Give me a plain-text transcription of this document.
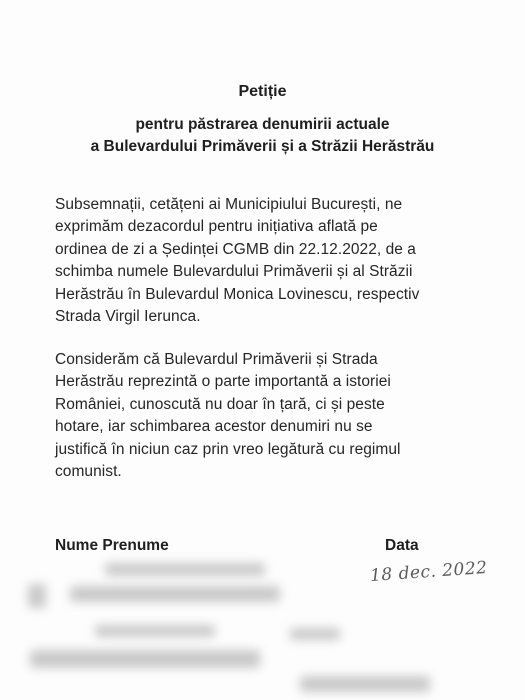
Petiție
pentru păstrarea denumirii actuale
a Bulevardului Primăverii și a Străzii Herăstrău
Subsemnații, cetățeni ai Municipiului București, ne
exprimăm dezacordul pentru inițiativa aflată pe
ordinea de zi a Ședinței CGMB din 22.12.2022, de a
schimba numele Bulevardului Primăverii și al Străzii
Herăstrău în Bulevardul Monica Lovinescu, respectiv
Strada Virgil Ierunca.
Considerăm că Bulevardul Primăverii și Strada
Herăstrău reprezintă o parte importantă a istoriei
României, cunoscută nu doar în țară, ci și peste
hotare, iar schimbarea acestor denumiri nu se
justifică în niciun caz prin vreo legătură cu regimul
comunist.
Nume Prenume	Data
18 dec. 2022
